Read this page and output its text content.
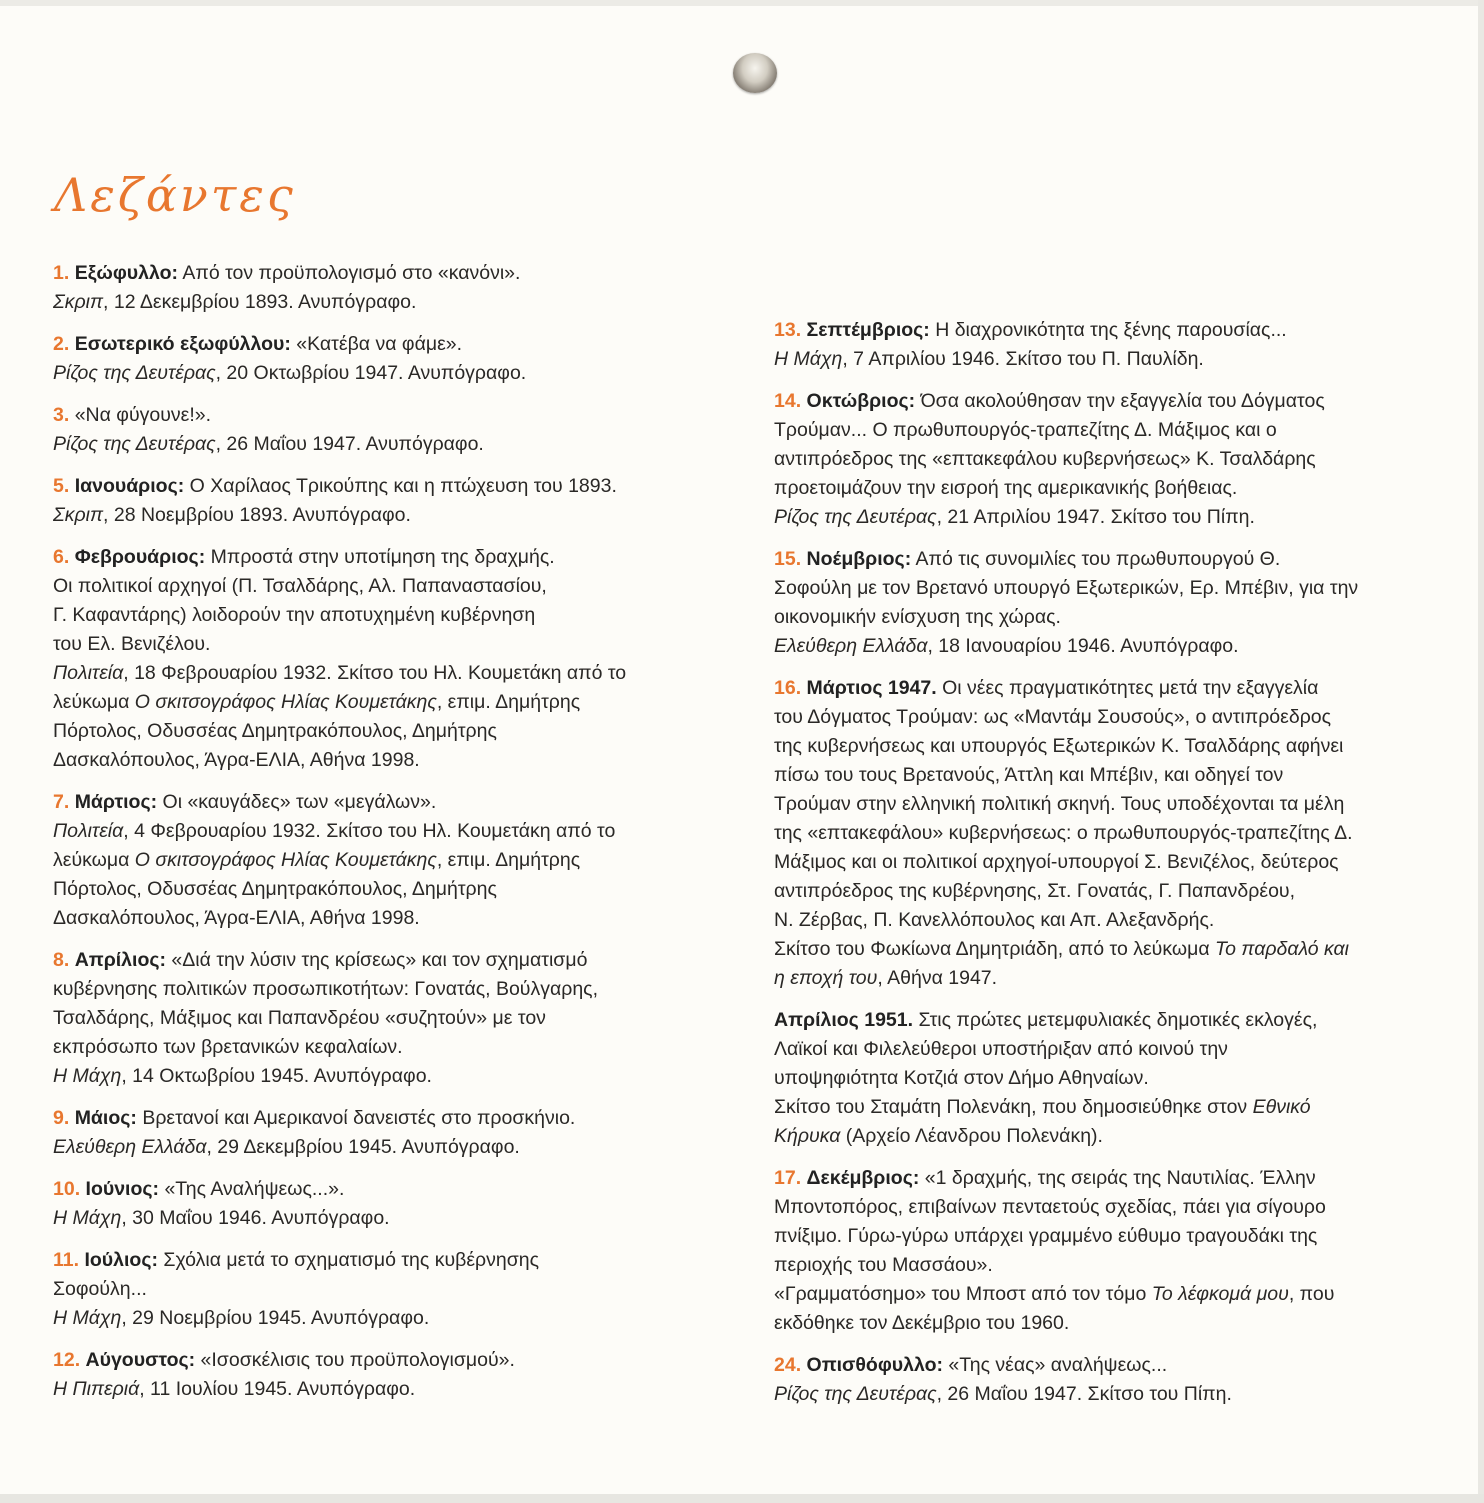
Λεζάντες
1. Εξώφυλλο: Από τον προϋπολογισμό στο «κανόνι».
Σκριπ, 12 Δεκεμβρίου 1893. Ανυπόγραφο.
2. Εσωτερικό εξωφύλλου: «Κατέβα να φάμε».
Ρίζος της Δευτέρας, 20 Οκτωβρίου 1947. Ανυπόγραφο.
3. «Να φύγουνε!».
Ρίζος της Δευτέρας, 26 Μαΐου 1947. Ανυπόγραφο.
5. Ιανουάριος: Ο Χαρίλαος Τρικούπης και η πτώχευση του 1893.
Σκριπ, 28 Νοεμβρίου 1893. Ανυπόγραφο.
6. Φεβρουάριος: Μπροστά στην υποτίμηση της δραχμής.
Οι πολιτικοί αρχηγοί (Π. Τσαλδάρης, Αλ. Παπαναστασίου,
Γ. Καφαντάρης) λοιδορούν την αποτυχημένη κυβέρνηση
του Ελ. Βενιζέλου.
Πολιτεία, 18 Φεβρουαρίου 1932. Σκίτσο του Ηλ. Κουμετάκη από το
λεύκωμα Ο σκιτσογράφος Ηλίας Κουμετάκης, επιμ. Δημήτρης
Πόρτολος, Οδυσσέας Δημητρακόπουλος, Δημήτρης
Δασκαλόπουλος, Άγρα-ΕΛΙΑ, Αθήνα 1998.
7. Μάρτιος: Οι «καυγάδες» των «μεγάλων».
Πολιτεία, 4 Φεβρουαρίου 1932. Σκίτσο του Ηλ. Κουμετάκη από το
λεύκωμα Ο σκιτσογράφος Ηλίας Κουμετάκης, επιμ. Δημήτρης
Πόρτολος, Οδυσσέας Δημητρακόπουλος, Δημήτρης
Δασκαλόπουλος, Άγρα-ΕΛΙΑ, Αθήνα 1998.
8. Απρίλιος: «Διά την λύσιν της κρίσεως» και τον σχηματισμό
κυβέρνησης πολιτικών προσωπικοτήτων: Γονατάς, Βούλγαρης,
Τσαλδάρης, Μάξιμος και Παπανδρέου «συζητούν» με τον
εκπρόσωπο των βρετανικών κεφαλαίων.
Η Μάχη, 14 Οκτωβρίου 1945. Ανυπόγραφο.
9. Μάιος: Βρετανοί και Αμερικανοί δανειστές στο προσκήνιο.
Ελεύθερη Ελλάδα, 29 Δεκεμβρίου 1945. Ανυπόγραφο.
10. Ιούνιος: «Της Αναλήψεως...».
Η Μάχη, 30 Μαΐου 1946. Ανυπόγραφο.
11. Ιούλιος: Σχόλια μετά το σχηματισμό της κυβέρνησης
Σοφούλη...
Η Μάχη, 29 Νοεμβρίου 1945. Ανυπόγραφο.
12. Αύγουστος: «Ισοσκέλισις του προϋπολογισμού».
Η Πιπεριά, 11 Ιουλίου 1945. Ανυπόγραφο.
13. Σεπτέμβριος: Η διαχρονικότητα της ξένης παρουσίας...
Η Μάχη, 7 Απριλίου 1946. Σκίτσο του Π. Παυλίδη.
14. Οκτώβριος: Όσα ακολούθησαν την εξαγγελία του Δόγματος
Τρούμαν... Ο πρωθυπουργός-τραπεζίτης Δ. Μάξιμος και ο
αντιπρόεδρος της «επτακεφάλου κυβερνήσεως» Κ. Τσαλδάρης
προετοιμάζουν την εισροή της αμερικανικής βοήθειας.
Ρίζος της Δευτέρας, 21 Απριλίου 1947. Σκίτσο του Πίπη.
15. Νοέμβριος: Από τις συνομιλίες του πρωθυπουργού Θ.
Σοφούλη με τον Βρετανό υπουργό Εξωτερικών, Ερ. Μπέβιν, για την
οικονομικήν ενίσχυση της χώρας.
Ελεύθερη Ελλάδα, 18 Ιανουαρίου 1946. Ανυπόγραφο.
16. Μάρτιος 1947. Οι νέες πραγματικότητες μετά την εξαγγελία
του Δόγματος Τρούμαν: ως «Μαντάμ Σουσούς», ο αντιπρόεδρος
της κυβερνήσεως και υπουργός Εξωτερικών Κ. Τσαλδάρης αφήνει
πίσω του τους Βρετανούς, Άττλη και Μπέβιν, και οδηγεί τον
Τρούμαν στην ελληνική πολιτική σκηνή. Τους υποδέχονται τα μέλη
της «επτακεφάλου» κυβερνήσεως: ο πρωθυπουργός-τραπεζίτης Δ.
Μάξιμος και οι πολιτικοί αρχηγοί-υπουργοί Σ. Βενιζέλος, δεύτερος
αντιπρόεδρος της κυβέρνησης, Στ. Γονατάς, Γ. Παπανδρέου,
Ν. Ζέρβας, Π. Κανελλόπουλος και Απ. Αλεξανδρής.
Σκίτσο του Φωκίωνα Δημητριάδη, από το λεύκωμα Το παρδαλό και
η εποχή του, Αθήνα 1947.
Απρίλιος 1951. Στις πρώτες μετεμφυλιακές δημοτικές εκλογές,
Λαϊκοί και Φιλελεύθεροι υποστήριξαν από κοινού την
υποψηφιότητα Κοτζιά στον Δήμο Αθηναίων.
Σκίτσο του Σταμάτη Πολενάκη, που δημοσιεύθηκε στον Εθνικό
Κήρυκα (Αρχείο Λέανδρου Πολενάκη).
17. Δεκέμβριος: «1 δραχμής, της σειράς της Ναυτιλίας. Έλλην
Μποντοπόρος, επιβαίνων πενταετούς σχεδίας, πάει για σίγουρο
πνίξιμο. Γύρω-γύρω υπάρχει γραμμένο εύθυμο τραγουδάκι της
περιοχής του Μασσάου».
«Γραμματόσημο» του Μποστ από τον τόμο Το λέφκομά μου, που
εκδόθηκε τον Δεκέμβριο του 1960.
24. Οπισθόφυλλο: «Της νέας» αναλήψεως...
Ρίζος της Δευτέρας, 26 Μαΐου 1947. Σκίτσο του Πίπη.
